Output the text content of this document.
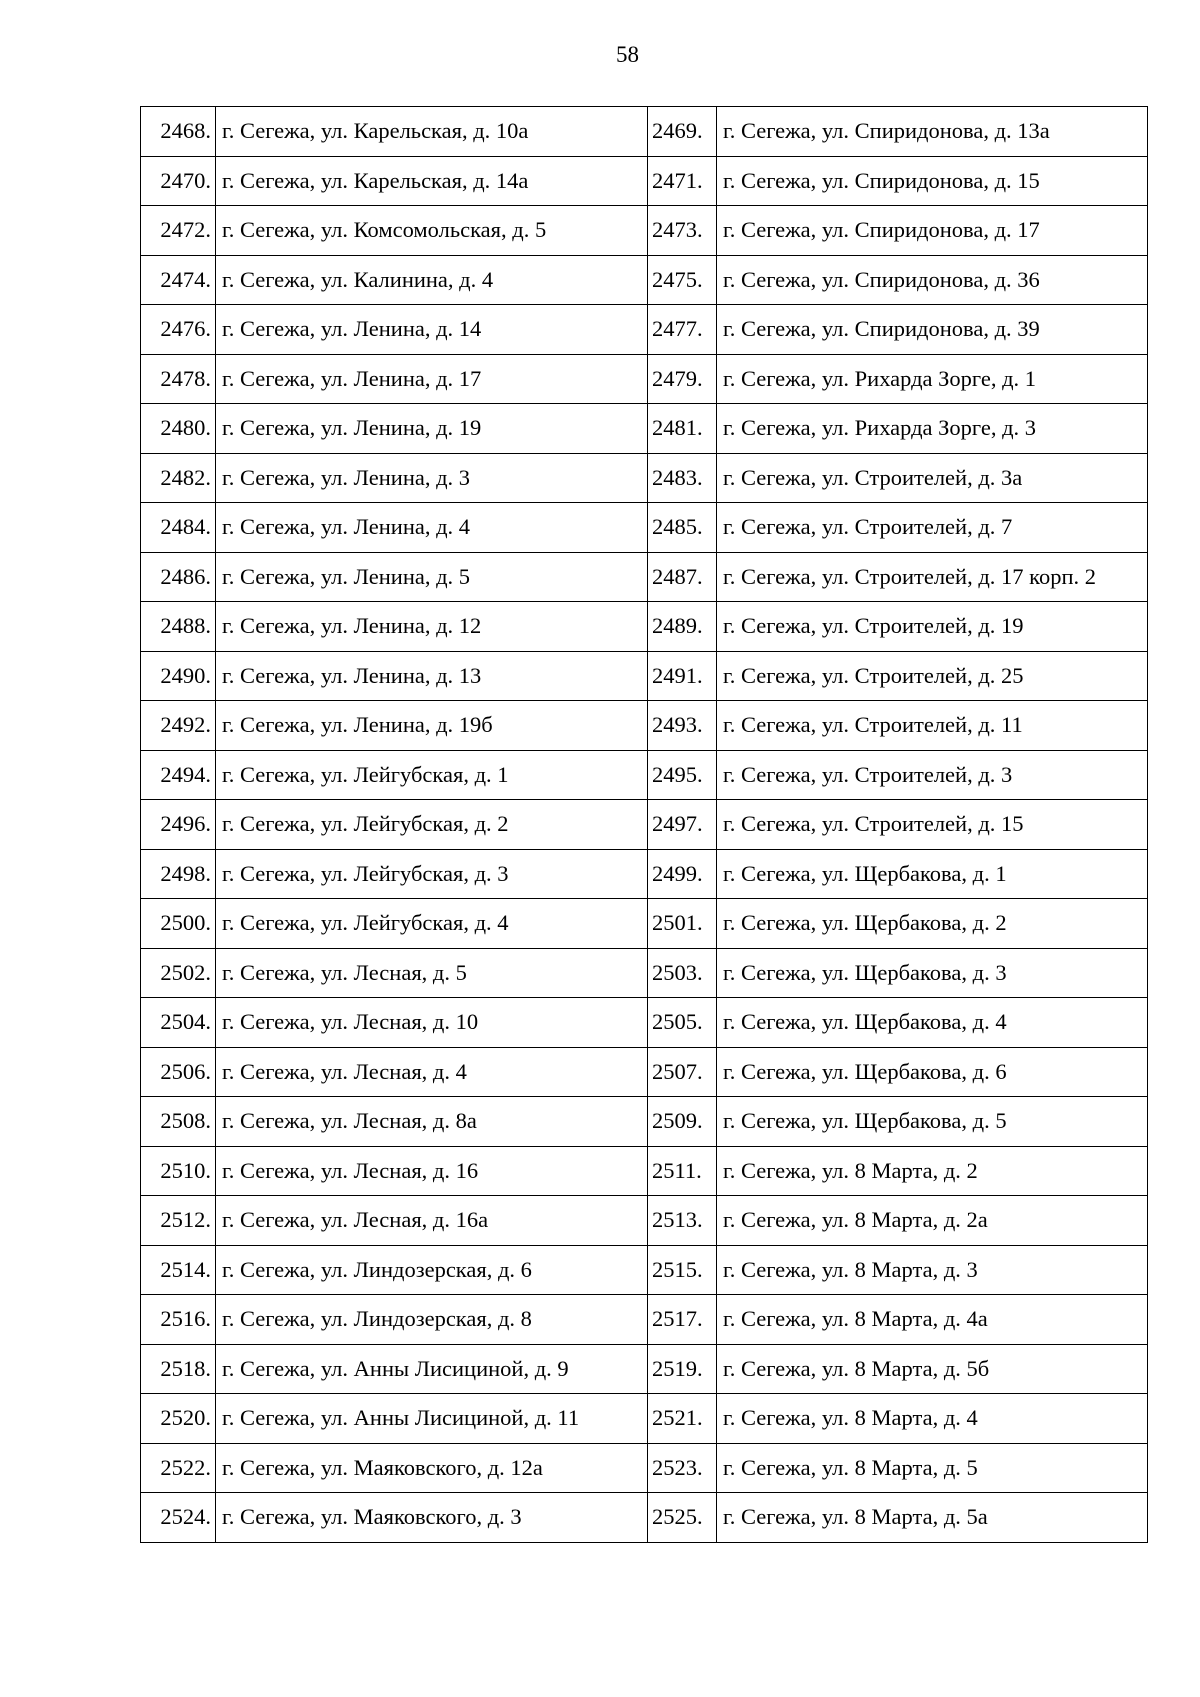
58
2468.	г. Сегежа, ул. Карельская, д. 10а	2469.	г. Сегежа, ул. Спиридонова, д. 13а
2470.	г. Сегежа, ул. Карельская, д. 14а	2471.	г. Сегежа, ул. Спиридонова, д. 15
2472.	г. Сегежа, ул. Комсомольская, д. 5	2473.	г. Сегежа, ул. Спиридонова, д. 17
2474.	г. Сегежа, ул. Калинина, д. 4	2475.	г. Сегежа, ул. Спиридонова, д. 36
2476.	г. Сегежа, ул. Ленина, д. 14	2477.	г. Сегежа, ул. Спиридонова, д. 39
2478.	г. Сегежа, ул. Ленина, д. 17	2479.	г. Сегежа, ул. Рихарда Зорге, д. 1
2480.	г. Сегежа, ул. Ленина, д. 19	2481.	г. Сегежа, ул. Рихарда Зорге, д. 3
2482.	г. Сегежа, ул. Ленина, д. 3	2483.	г. Сегежа, ул. Строителей, д. 3а
2484.	г. Сегежа, ул. Ленина, д. 4	2485.	г. Сегежа, ул. Строителей, д. 7
2486.	г. Сегежа, ул. Ленина, д. 5	2487.	г. Сегежа, ул. Строителей, д. 17 корп. 2
2488.	г. Сегежа, ул. Ленина, д. 12	2489.	г. Сегежа, ул. Строителей, д. 19
2490.	г. Сегежа, ул. Ленина, д. 13	2491.	г. Сегежа, ул. Строителей, д. 25
2492.	г. Сегежа, ул. Ленина, д. 19б	2493.	г. Сегежа, ул. Строителей, д. 11
2494.	г. Сегежа, ул. Лейгубская, д. 1	2495.	г. Сегежа, ул. Строителей, д. 3
2496.	г. Сегежа, ул. Лейгубская, д. 2	2497.	г. Сегежа, ул. Строителей, д. 15
2498.	г. Сегежа, ул. Лейгубская, д. 3	2499.	г. Сегежа, ул. Щербакова, д. 1
2500.	г. Сегежа, ул. Лейгубская, д. 4	2501.	г. Сегежа, ул. Щербакова, д. 2
2502.	г. Сегежа, ул. Лесная, д. 5	2503.	г. Сегежа, ул. Щербакова, д. 3
2504.	г. Сегежа, ул. Лесная, д. 10	2505.	г. Сегежа, ул. Щербакова, д. 4
2506.	г. Сегежа, ул. Лесная, д. 4	2507.	г. Сегежа, ул. Щербакова, д. 6
2508.	г. Сегежа, ул. Лесная, д. 8а	2509.	г. Сегежа, ул. Щербакова, д. 5
2510.	г. Сегежа, ул. Лесная, д. 16	2511.	г. Сегежа, ул. 8 Марта, д. 2
2512.	г. Сегежа, ул. Лесная, д. 16а	2513.	г. Сегежа, ул. 8 Марта, д. 2а
2514.	г. Сегежа, ул. Линдозерская, д. 6	2515.	г. Сегежа, ул. 8 Марта, д. 3
2516.	г. Сегежа, ул. Линдозерская, д. 8	2517.	г. Сегежа, ул. 8 Марта, д. 4а
2518.	г. Сегежа, ул. Анны Лисициной, д. 9	2519.	г. Сегежа, ул. 8 Марта, д. 5б
2520.	г. Сегежа, ул. Анны Лисициной, д. 11	2521.	г. Сегежа, ул. 8 Марта, д. 4
2522.	г. Сегежа, ул. Маяковского, д. 12а	2523.	г. Сегежа, ул. 8 Марта, д. 5
2524.	г. Сегежа, ул. Маяковского, д. 3	2525.	г. Сегежа, ул. 8 Марта, д. 5а
